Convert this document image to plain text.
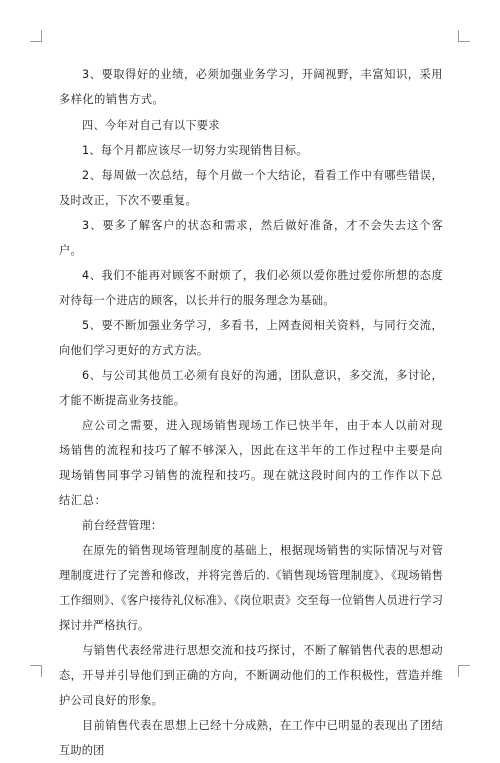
3、要取得好的业绩，必须加强业务学习，开阔视野，丰富知识，采用多样化的销售方式。

四、今年对自己有以下要求

1、每个月都应该尽一切努力实现销售目标。

2、每周做一次总结，每个月做一个大结论，看看工作中有哪些错误，及时改正，下次不要重复。

3、要多了解客户的状态和需求，然后做好准备，才不会失去这个客户。

4、我们不能再对顾客不耐烦了，我们必须以爱你胜过爱你所想的态度对待每一个进店的顾客，以长并行的服务理念为基础。

5、要不断加强业务学习，多看书，上网查阅相关资料，与同行交流，向他们学习更好的方式方法。

6、与公司其他员工必须有良好的沟通，团队意识，多交流，多讨论，才能不断提高业务技能。

应公司之需要，进入现场销售现场工作已快半年，由于本人以前对现场销售的流程和技巧了解不够深入，因此在这半年的工作过程中主要是向现场销售同事学习销售的流程和技巧。现在就这段时间内的工作作以下总结汇总：

前台经营管理：

在原先的销售现场管理制度的基础上，根据现场销售的实际情况与对管理制度进行了完善和修改，并将完善后的.《销售现场管理制度》、《现场销售工作细则》、《客户接待礼仪标准》、《岗位职责》交至每一位销售人员进行学习探讨并严格执行。

与销售代表经常进行思想交流和技巧探讨，不断了解销售代表的思想动态，开导并引导他们到正确的方向，不断调动他们的工作积极性，营造并维护公司良好的形象。

目前销售代表在思想上已经十分成熟，在工作中已明显的表现出了团结互助的团
